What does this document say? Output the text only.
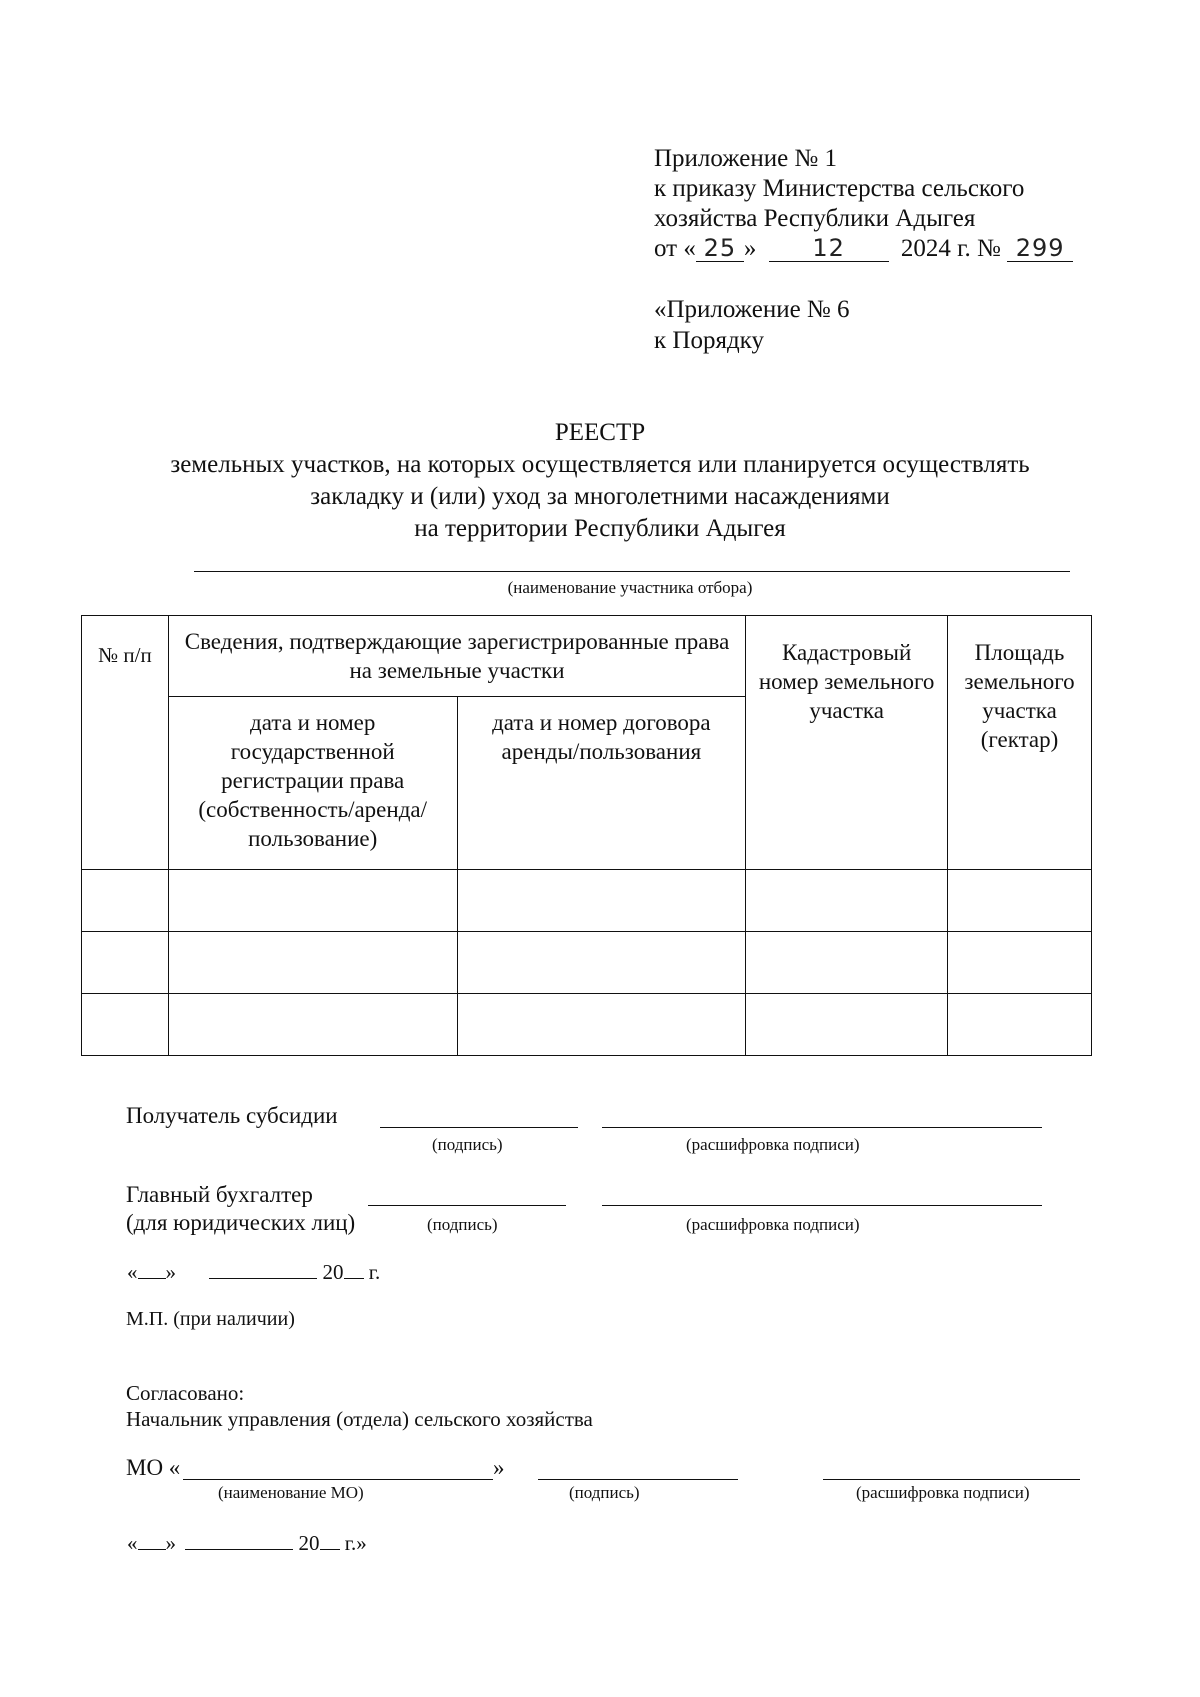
Приложение № 1
к приказу Министерства сельского
хозяйства Республики Адыгея
от « 25 » 12 2024 г. № 299
«Приложение № 6
к Порядку
РЕЕСТР
земельных участков, на которых осуществляется или планируется осуществлять
закладку и (или) уход за многолетними насаждениями
на территории Республики Адыгея
(наименование участника отбора)
№ п/п	Сведения, подтверждающие зарегистрированные права на земельные участки		Кадастровый номер земельного участка	Площадь земельного участка (гектар)
	дата и номер государственной регистрации права (собственность/аренда/ пользование)	дата и номер договора аренды/пользования		

Получатель субсидии
(подпись)	(расшифровка подписи)
Главный бухгалтер
(для юридических лиц)	(подпись)	(расшифровка подписи)
« »	20 г.
М.П. (при наличии)
Согласовано:
Начальник управления (отдела) сельского хозяйства
МО «	»
(наименование МО)	(подпись)	(расшифровка подписи)
« »	20 г.»
